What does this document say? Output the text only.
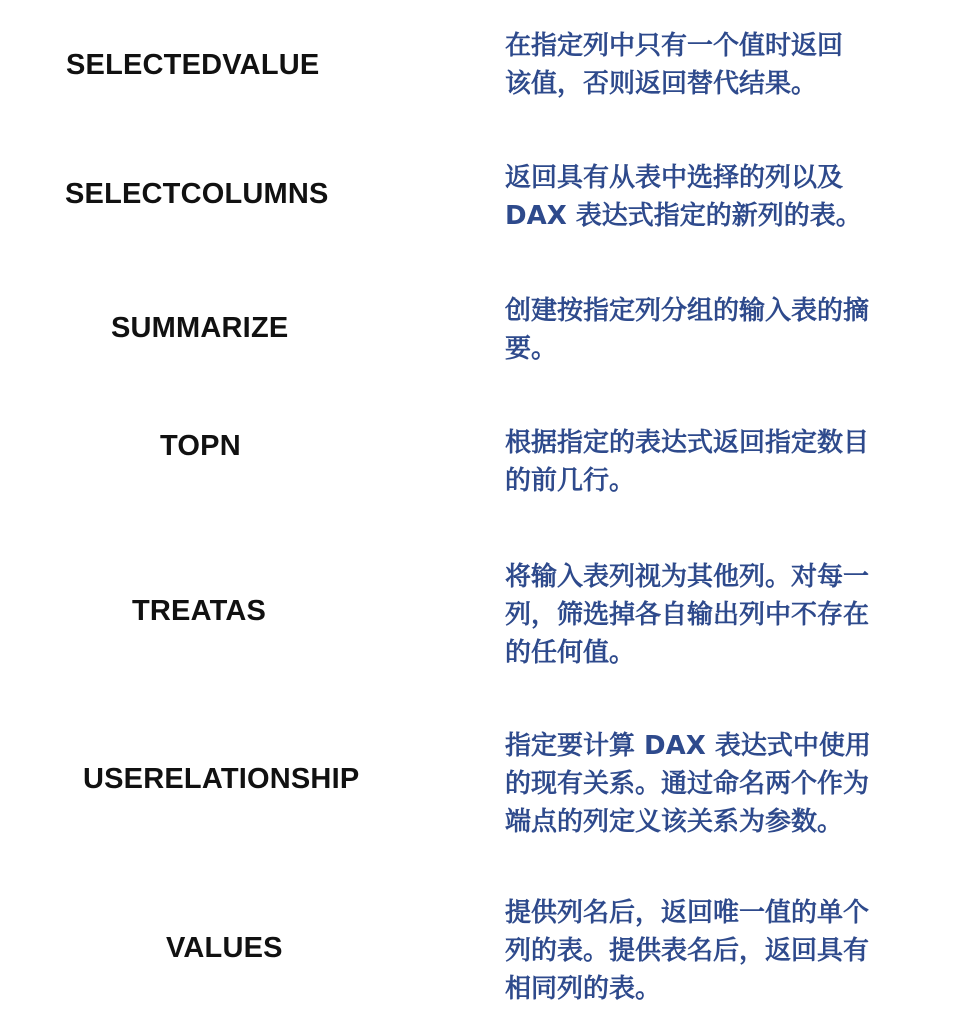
SELECTEDVALUE
在指定列中只有一个值时返回
该值，否则返回替代结果。
SELECTCOLUMNS	返回具有从表中选择的列以及
DAX 表达式指定的新列的表。
SUMMARIZE
创建按指定列分组的输入表的摘
要。
TOPN	根据指定的表达式返回指定数目
的前几行。
TREATAS
将输入表列视为其他列。对每一
列，筛选掉各自输出列中不存在
的任何值。
USERELATIONSHIP
指定要计算 DAX 表达式中使用
的现有关系。通过命名两个作为
端点的列定义该关系为参数。
VALUES
提供列名后，返回唯一值的单个
列的表。提供表名后，返回具有
相同列的表。
